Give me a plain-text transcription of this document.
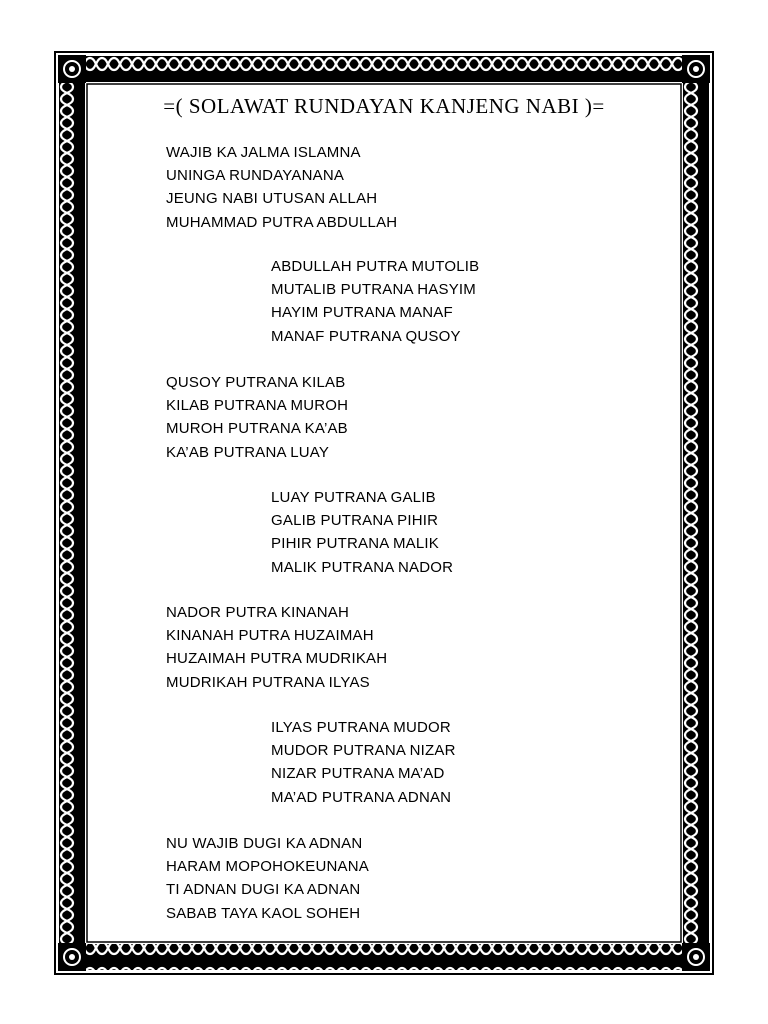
=( SOLAWAT RUNDAYAN KANJENG NABI )=
WAJIB KA JALMA ISLAMNA
UNINGA RUNDAYANANA
JEUNG NABI UTUSAN ALLAH
MUHAMMAD PUTRA ABDULLAH
ABDULLAH PUTRA MUTOLIB
MUTALIB PUTRANA HASYIM
HAYIM PUTRANA MANAF
MANAF PUTRANA QUSOY
QUSOY PUTRANA KILAB
KILAB PUTRANA MUROH
MUROH PUTRANA KA’AB
KA’AB PUTRANA LUAY
LUAY PUTRANA GALIB
GALIB PUTRANA PIHIR
PIHIR PUTRANA MALIK
MALIK PUTRANA NADOR
NADOR PUTRA KINANAH
KINANAH PUTRA HUZAIMAH
HUZAIMAH PUTRA MUDRIKAH
MUDRIKAH PUTRANA ILYAS
ILYAS PUTRANA MUDOR
MUDOR PUTRANA NIZAR
NIZAR PUTRANA MA’AD
MA’AD PUTRANA ADNAN
NU WAJIB DUGI KA ADNAN
HARAM MOPOHOKEUNANA
TI ADNAN DUGI KA ADNAN
SABAB TAYA KAOL SOHEH
